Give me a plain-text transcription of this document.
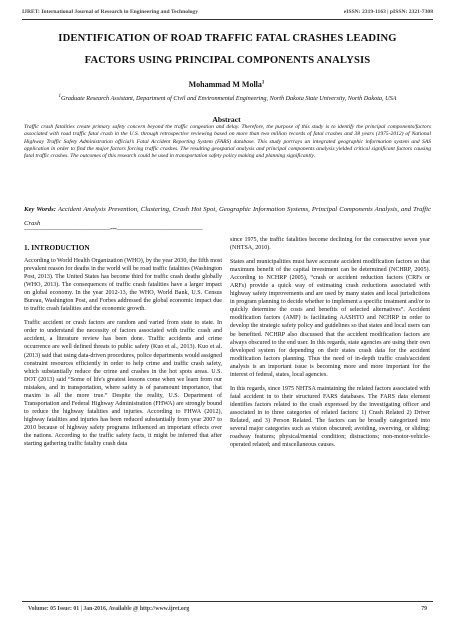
IJRET: International Journal of Research in Engineering and Technology	eISSN: 2319-1163 | pISSN: 2321-7308
IDENTIFICATION OF ROAD TRAFFIC FATAL CRASHES LEADING
FACTORS USING PRINCIPAL COMPONENTS ANALYSIS
Mohammad M Molla$^1$
$^1$Graduate Research Assistant, Department of Civil and Environmental Engineering, North Dakota State University, North Dakota, USA
Abstract
Traffic crash fatalities create primary safety concern beyond the traffic congestion and delay. Therefore, the purpose of this study is to identify the principal components/factors associated with road traffic fatal crash in the U.S. through retrospective reviewing based on more than two million records of fatal crashes and 38 years (1975-2012) of National Highway Traffic Safety Administration official’s Fatal Accident Reporting System (FARS) database. This study portrays an integrated geographic information system and SAS application in order to find the major factors forcing traffic crashes. The resulting geospatial analysis and principal components analysis yielded critical significant factors causing fatal traffic crashes. The outcomes of this research could be used in transportation safety policy making and planning significantly.
Key Words: Accident Analysis Prevention, Clustering, Crash Hot Spot, Geographic Information Systems, Principal Components Analysis, and Traffic Crash
--------------------------------------------------------------------***--------------------------------------------------------------------
1. INTRODUCTION

According to World Health Organization (WHO), by the year 2030, the fifth most prevalent reason for deaths in the world will be road traffic fatalities (Washington Post, 2013). The United States has become third for traffic crash deaths globally (WHO, 2013). The consequences of traffic crash fatalities have a larger impact on global economy. In the year 2012-13, the WHO, World Bank, U.S. Census Bureau, Washington Post, and Forbes addressed the global economic impact due to traffic crash fatalities and the economic growth.

Traffic accident or crash factors are random and varied from state to state. In order to understand the necessity of factors associated with traffic crash and accident, a literature review has been done. Traffic accidents and crime occurrence are well defined threats to public safety (Kuo et al., 2013). Kuo et al. (2013) said that using data-driven procedures, police departments would assigned constraint resources efficiently in order to help crime and traffic crash safety, which substantially reduce the crime and crashes in the hot spots areas. U.S. DOT (2013) said “Some of life's greatest lessons come when we learn from our mistakes, and in transportation, where safety is of paramount importance, that maxim is all the more true.” Despite the reality, U.S. Department of Transportation and Federal Highway Administration (FHWA) are strongly bound to reduce the highway fatalities and injuries. According to FHWA (2012), highway fatalities and injuries has been reduced substantially from year 2007 to 2010 because of highway safety programs influenced an important effects over the nations. According to the traffic safety facts, it might be inferred that after starting gathering traffic fatality crash data

since 1975, the traffic fatalities become declining for the consecutive seven year (NHTSA, 2010).

States and municipalities must have accurate accident modification factors so that maximum benefit of the capital investment can be determined (NCHRP, 2005). According to NCHRP (2005), “crash or accident reduction factors (CRFs or ARFs) provide a quick way of estimating crash reductions associated with highway safety improvements and are used by many states and local jurisdictions in program planning to decide whether to implement a specific treatment and/or to quickly determine the costs and benefits of selected alternatives”. Accident modification factors (AMF) is facilitating AASHTO and NCHRP in order to develop the strategic safety policy and guidelines so that states and local users can be benefited. NCHRP also discussed that the accident modification factors are always obscured to the end user. In this regards, state agencies are using their own developed system for depending on their states crash data for the accident modification factors planning. Thus the need of in-depth traffic crash/accident analysis is an important issue is becoming more and more important for the interest of federal, states, local agencies.

In this regards, since 1975 NHTSA maintaining the related factors associated with fatal accident in to their structured FARS databases. The FARS data element identifies factors related to the crash expressed by the investigating officer and associated in to three categories of related factors: 1) Crash Related 2) Driver Related, and 3) Person Related. The factors can be broadly categorized into several major categories such as vision obscured; avoiding, swerving, or sliding; roadway features; physical/mental condition; distractions; non-motor-vehicle-operated related; and miscellaneous causes.

Volume: 05 Issue: 01 | Jan-2016, Available @ http://www.ijret.org	79
